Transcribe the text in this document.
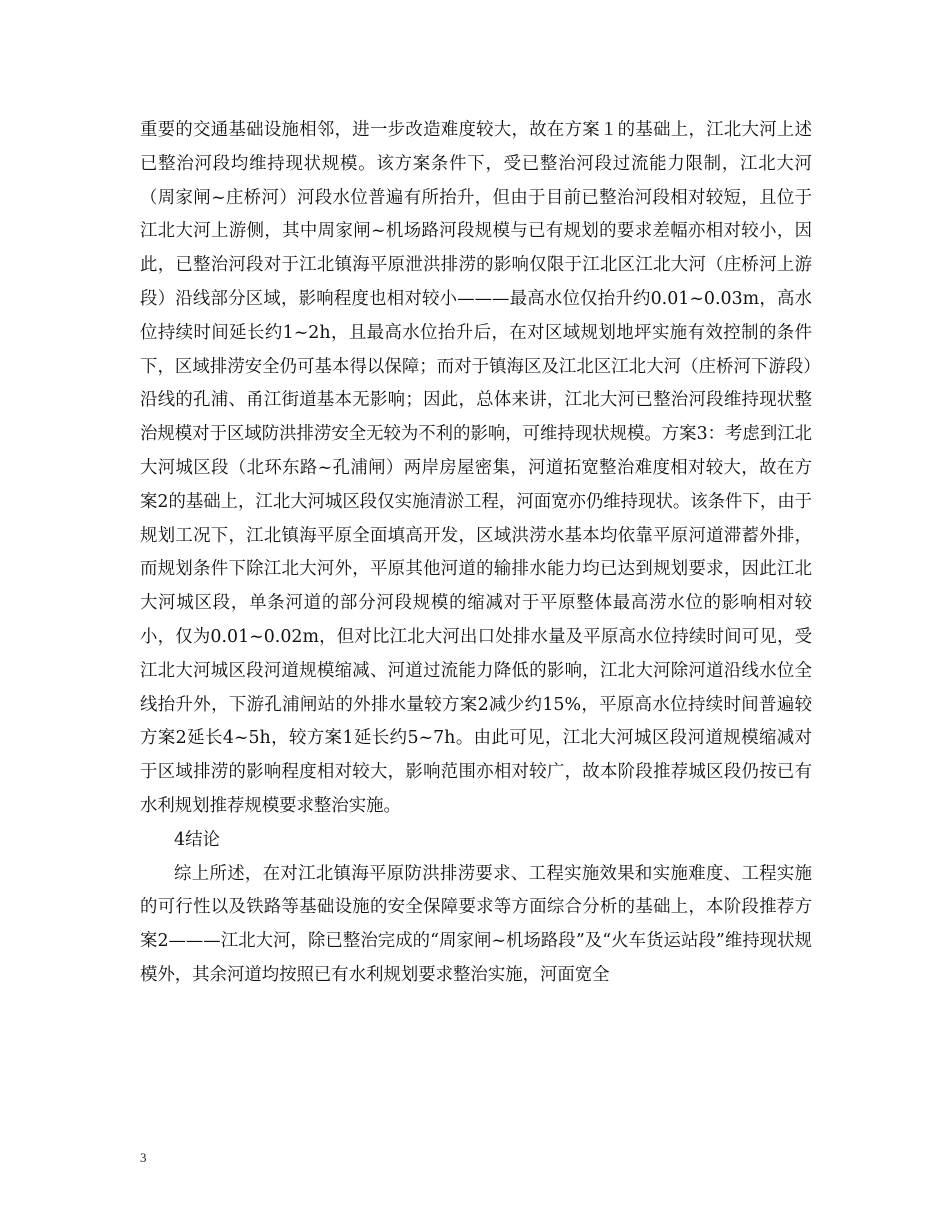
重要的交通基础设施相邻，进一步改造难度较大，故在方案１的基础上，江北大河上述已整治河段均维持现状规模。该方案条件下，受已整治河段过流能力限制，江北大河（周家闸~庄桥河）河段水位普遍有所抬升，但由于目前已整治河段相对较短，且位于江北大河上游侧，其中周家闸~机场路河段规模与已有规划的要求差幅亦相对较小，因此，已整治河段对于江北镇海平原泄洪排涝的影响仅限于江北区江北大河（庄桥河上游段）沿线部分区域，影响程度也相对较小———最高水位仅抬升约0.01~0.03m，高水位持续时间延长约1~2h，且最高水位抬升后，在对区域规划地坪实施有效控制的条件下，区域排涝安全仍可基本得以保障；而对于镇海区及江北区江北大河（庄桥河下游段）沿线的孔浦、甬江街道基本无影响；因此，总体来讲，江北大河已整治河段维持现状整治规模对于区域防洪排涝安全无较为不利的影响，可维持现状规模。方案3：考虑到江北大河城区段（北环东路~孔浦闸）两岸房屋密集，河道拓宽整治难度相对较大，故在方案2的基础上，江北大河城区段仅实施清淤工程，河面宽亦仍维持现状。该条件下，由于规划工况下，江北镇海平原全面填高开发，区域洪涝水基本均依靠平原河道滞蓄外排，而规划条件下除江北大河外，平原其他河道的输排水能力均已达到规划要求，因此江北大河城区段，单条河道的部分河段规模的缩减对于平原整体最高涝水位的影响相对较小，仅为0.01~0.02m，但对比江北大河出口处排水量及平原高水位持续时间可见，受江北大河城区段河道规模缩减、河道过流能力降低的影响，江北大河除河道沿线水位全线抬升外，下游孔浦闸站的外排水量较方案2减少约15%，平原高水位持续时间普遍较方案2延长4~5h，较方案1延长约5~7h。由此可见，江北大河城区段河道规模缩减对于区域排涝的影响程度相对较大，影响范围亦相对较广，故本阶段推荐城区段仍按已有水利规划推荐规模要求整治实施。

4结论

综上所述，在对江北镇海平原防洪排涝要求、工程实施效果和实施难度、工程实施的可行性以及铁路等基础设施的安全保障要求等方面综合分析的基础上，本阶段推荐方案2———江北大河，除已整治完成的“周家闸~机场路段”及“火车货运站段”维持现状规模外，其余河道均按照已有水利规划要求整治实施，河面宽全

3
